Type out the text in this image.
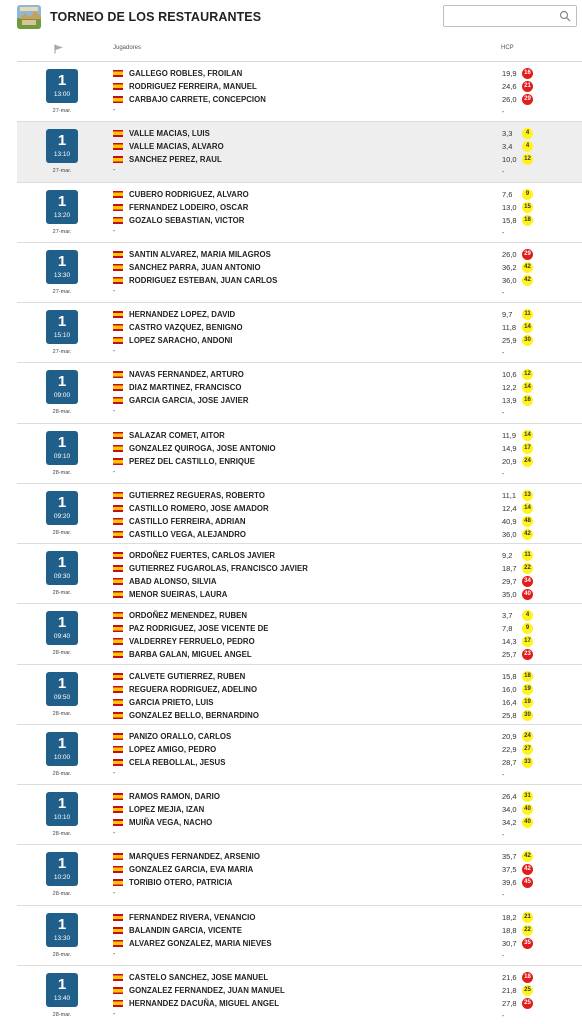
TORNEO DE LOS RESTAURANTES
Jugadores	HCP
1
13:00
27-mar.
GALLEGO ROBLES, FROILAN	19,9	16
RODRIGUEZ FERREIRA, MANUEL	24,6	21
CARBAJO CARRETE, CONCEPCION	26,0	29
-	-
1
13:10
27-mar.
VALLE MACIAS, LUIS	3,3	4
VALLE MACIAS, ALVARO	3,4	4
SANCHEZ PEREZ, RAUL	10,0	12
-	-
1
13:20
27-mar.
CUBERO RODRIGUEZ, ALVARO	7,6	9
FERNANDEZ LODEIRO, OSCAR	13,0	15
GOZALO SEBASTIAN, VICTOR	15,8	18
-	-
1
13:30
27-mar.
SANTIN ALVAREZ, MARIA MILAGROS	26,0	29
SANCHEZ PARRA, JUAN ANTONIO	36,2	42
RODRIGUEZ ESTEBAN, JUAN CARLOS	36,0	42
-	-
1
15:10
27-mar.
HERNANDEZ LOPEZ, DAVID	9,7	11
CASTRO VAZQUEZ, BENIGNO	11,8	14
LOPEZ SARACHO, ANDONI	25,9	30
-	-
1
09:00
28-mar.
NAVAS FERNANDEZ, ARTURO	10,6	12
DIAZ MARTINEZ, FRANCISCO	12,2	14
GARCIA GARCIA, JOSE JAVIER	13,9	16
-	-
1
09:10
28-mar.
SALAZAR COMET, AITOR	11,9	14
GONZALEZ QUIROGA, JOSE ANTONIO	14,9	17
PEREZ DEL CASTILLO, ENRIQUE	20,9	24
-	-
1
09:20
28-mar.
GUTIERREZ REGUERAS, ROBERTO	11,1	13
CASTILLO ROMERO, JOSE AMADOR	12,4	14
CASTILLO FERREIRA, ADRIAN	40,9	48
CASTILLO VEGA, ALEJANDRO	36,0	42
1
09:30
28-mar.
ORDOÑEZ FUERTES, CARLOS JAVIER	9,2	11
GUTIERREZ FUGAROLAS, FRANCISCO JAVIER	18,7	22
ABAD ALONSO, SILVIA	29,7	34
MENOR SUEIRAS, LAURA	35,0	40
1
09:40
28-mar.
ORDOÑEZ MENENDEZ, RUBEN	3,7	4
PAZ RODRIGUEZ, JOSE VICENTE DE	7,8	9
VALDERREY FERRUELO, PEDRO	14,3	17
BARBA GALAN, MIGUEL ANGEL	25,7	23
1
09:50
28-mar.
CALVETE GUTIERREZ, RUBEN	15,8	18
REGUERA RODRIGUEZ, ADELINO	16,0	19
GARCIA PRIETO, LUIS	16,4	19
GONZALEZ BELLO, BERNARDINO	25,8	30
1
10:00
28-mar.
PANIZO ORALLO, CARLOS	20,9	24
LOPEZ AMIGO, PEDRO	22,9	27
CELA REBOLLAL, JESUS	28,7	33
-	-
1
10:10
28-mar.
RAMOS RAMON, DARIO	26,4	31
LOPEZ MEJIA, IZAN	34,0	40
MUIÑA VEGA, NACHO	34,2	40
-	-
1
10:20
28-mar.
MARQUES FERNANDEZ, ARSENIO	35,7	42
GONZALEZ GARCIA, EVA MARIA	37,5	42
TORIBIO OTERO, PATRICIA	39,6	45
-	-
1
13:30
28-mar.
FERNANDEZ RIVERA, VENANCIO	18,2	21
BALANDIN GARCIA, VICENTE	18,8	22
ALVAREZ GONZALEZ, MARIA NIEVES	30,7	35
-	-
1
13:40
28-mar.
CASTELO SANCHEZ, JOSE MANUEL	21,6	18
GONZALEZ FERNANDEZ, JUAN MANUEL	21,8	25
HERNANDEZ DACUÑA, MIGUEL ANGEL	27,8	25
-	-
